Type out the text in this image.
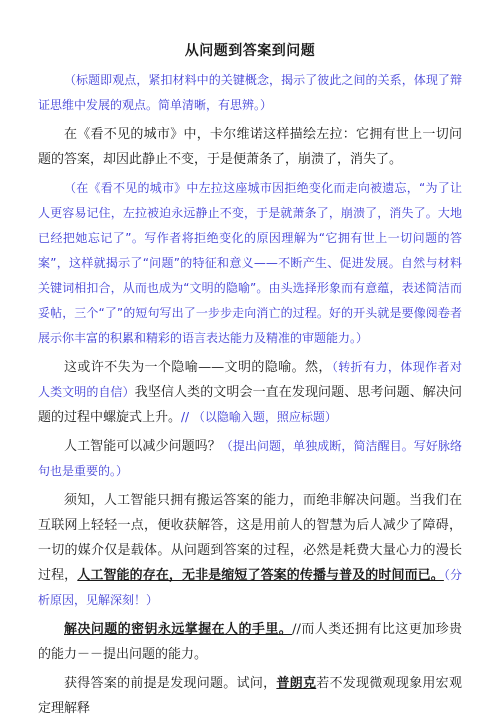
从问题到答案到问题

（标题即观点，紧扣材料中的关键概念，揭示了彼此之间的关系，体现了辩证思维中发展的观点。简单清晰，有思辨。）

在《看不见的城市》中，卡尔维诺这样描绘左拉：它拥有世上一切问题的答案，却因此静止不变，于是便萧条了，崩溃了，消失了。

（在《看不见的城市》中左拉这座城市因拒绝变化而走向被遗忘，“为了让人更容易记住，左拉被迫永远静止不变，于是就萧条了，崩溃了，消失了。大地已经把她忘记了”。写作者将拒绝变化的原因理解为“它拥有世上一切问题的答案”，这样就揭示了“问题”的特征和意义——不断产生、促进发展。自然与材料关键词相扣合，从而也成为“文明的隐喻”。由头选择形象而有意蕴，表述简洁而妥帖，三个“了”的短句写出了一步步走向消亡的过程。好的开头就是要像阅卷者展示你丰富的积累和精彩的语言表达能力及精准的审题能力。）

这或许不失为一个隐喻——文明的隐喻。然，（转折有力，体现作者对人类文明的自信）我坚信人类的文明会一直在发现问题、思考问题、解决问题的过程中螺旋式上升。// （以隐喻入题，照应标题）

人工智能可以减少问题吗？（提出问题，单独成断，简洁醒目。写好脉络句也是重要的。）

须知，人工智能只拥有搬运答案的能力，而绝非解决问题。当我们在互联网上轻轻一点，便收获解答，这是用前人的智慧为后人减少了障碍，一切的媒介仅是载体。从问题到答案的过程，必然是耗费大量心力的漫长过程，人工智能的存在，无非是缩短了答案的传播与普及的时间而已。（分析原因，见解深刻！）

解决问题的密钥永远掌握在人的手里。//而人类还拥有比这更加珍贵的能力－－提出问题的能力。

获得答案的前提是发现问题。试问，普朗克若不发现微观现象用宏观定理解释
